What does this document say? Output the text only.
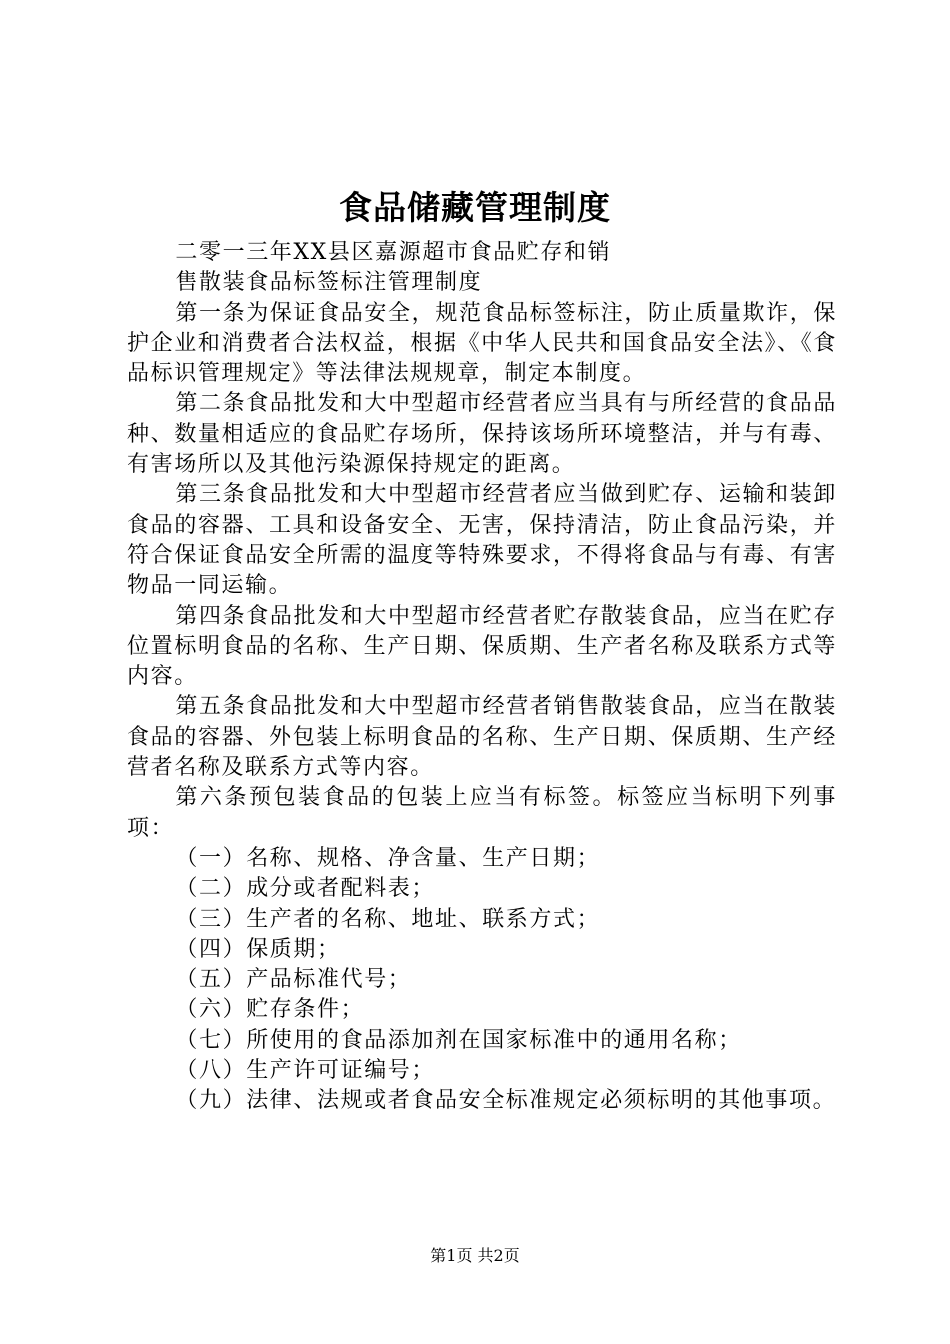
食品储藏管理制度

二零一三年XX县区嘉源超市食品贮存和销

售散装食品标签标注管理制度

第一条为保证食品安全，规范食品标签标注，防止质量欺诈，保护企业和消费者合法权益，根据《中华人民共和国食品安全法》、《食品标识管理规定》等法律法规规章，制定本制度。

第二条食品批发和大中型超市经营者应当具有与所经营的食品品种、数量相适应的食品贮存场所，保持该场所环境整洁，并与有毒、有害场所以及其他污染源保持规定的距离。

第三条食品批发和大中型超市经营者应当做到贮存、运输和装卸食品的容器、工具和设备安全、无害，保持清洁，防止食品污染，并符合保证食品安全所需的温度等特殊要求，不得将食品与有毒、有害物品一同运输。

第四条食品批发和大中型超市经营者贮存散装食品，应当在贮存位置标明食品的名称、生产日期、保质期、生产者名称及联系方式等内容。

第五条食品批发和大中型超市经营者销售散装食品，应当在散装食品的容器、外包装上标明食品的名称、生产日期、保质期、生产经营者名称及联系方式等内容。

第六条预包装食品的包装上应当有标签。标签应当标明下列事项：

（一）名称、规格、净含量、生产日期；

（二）成分或者配料表；

（三）生产者的名称、地址、联系方式；

（四）保质期；

（五）产品标准代号；

（六）贮存条件；

（七）所使用的食品添加剂在国家标准中的通用名称；

（八）生产许可证编号；

（九）法律、法规或者食品安全标准规定必须标明的其他事项。

第1页 共2页
